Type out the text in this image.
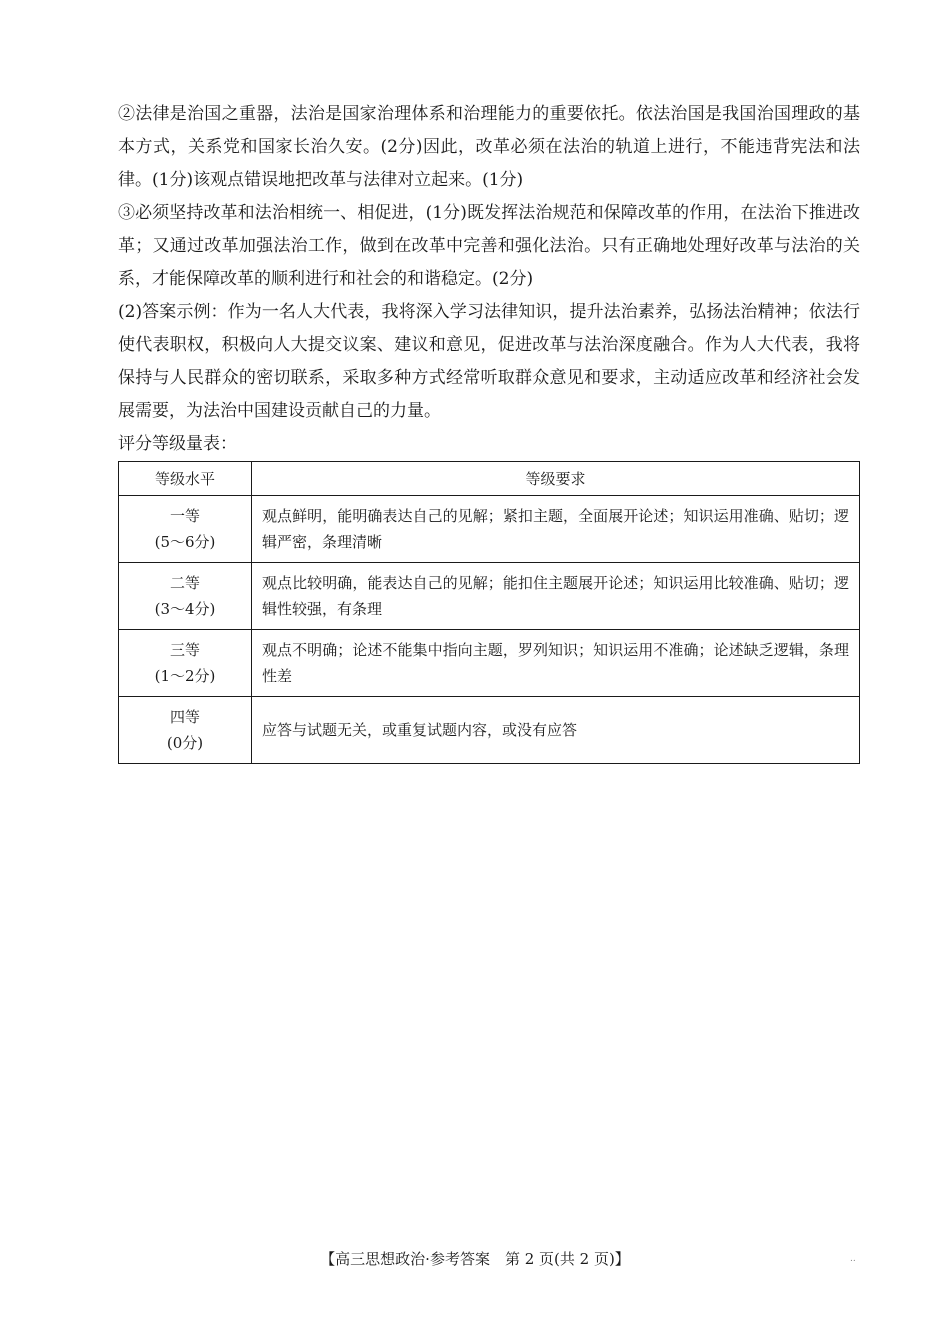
②法律是治国之重器，法治是国家治理体系和治理能力的重要依托。依法治国是我国治国理政的基本方式，关系党和国家长治久安。(2分)因此，改革必须在法治的轨道上进行，不能违背宪法和法律。(1分)该观点错误地把改革与法律对立起来。(1分)

③必须坚持改革和法治相统一、相促进，(1分)既发挥法治规范和保障改革的作用，在法治下推进改革；又通过改革加强法治工作，做到在改革中完善和强化法治。只有正确地处理好改革与法治的关系，才能保障改革的顺利进行和社会的和谐稳定。(2分)

(2)答案示例：作为一名人大代表，我将深入学习法律知识，提升法治素养，弘扬法治精神；依法行使代表职权，积极向人大提交议案、建议和意见，促进改革与法治深度融合。作为人大代表，我将保持与人民群众的密切联系，采取多种方式经常听取群众意见和要求，主动适应改革和经济社会发展需要，为法治中国建设贡献自己的力量。

评分等级量表：

等级水平	等级要求

一等
(5～6分)	观点鲜明，能明确表达自己的见解；紧扣主题，全面展开论述；知识运用准确、贴切；逻辑严密，条理清晰

二等
(3～4分)	观点比较明确，能表达自己的见解；能扣住主题展开论述；知识运用比较准确、贴切；逻辑性较强，有条理

三等
(1～2分)	观点不明确；论述不能集中指向主题，罗列知识；知识运用不准确；论述缺乏逻辑，条理性差

四等
(0分)	应答与试题无关，或重复试题内容，或没有应答
【高三思想政治·参考答案　第 2 页(共 2 页)】	..
